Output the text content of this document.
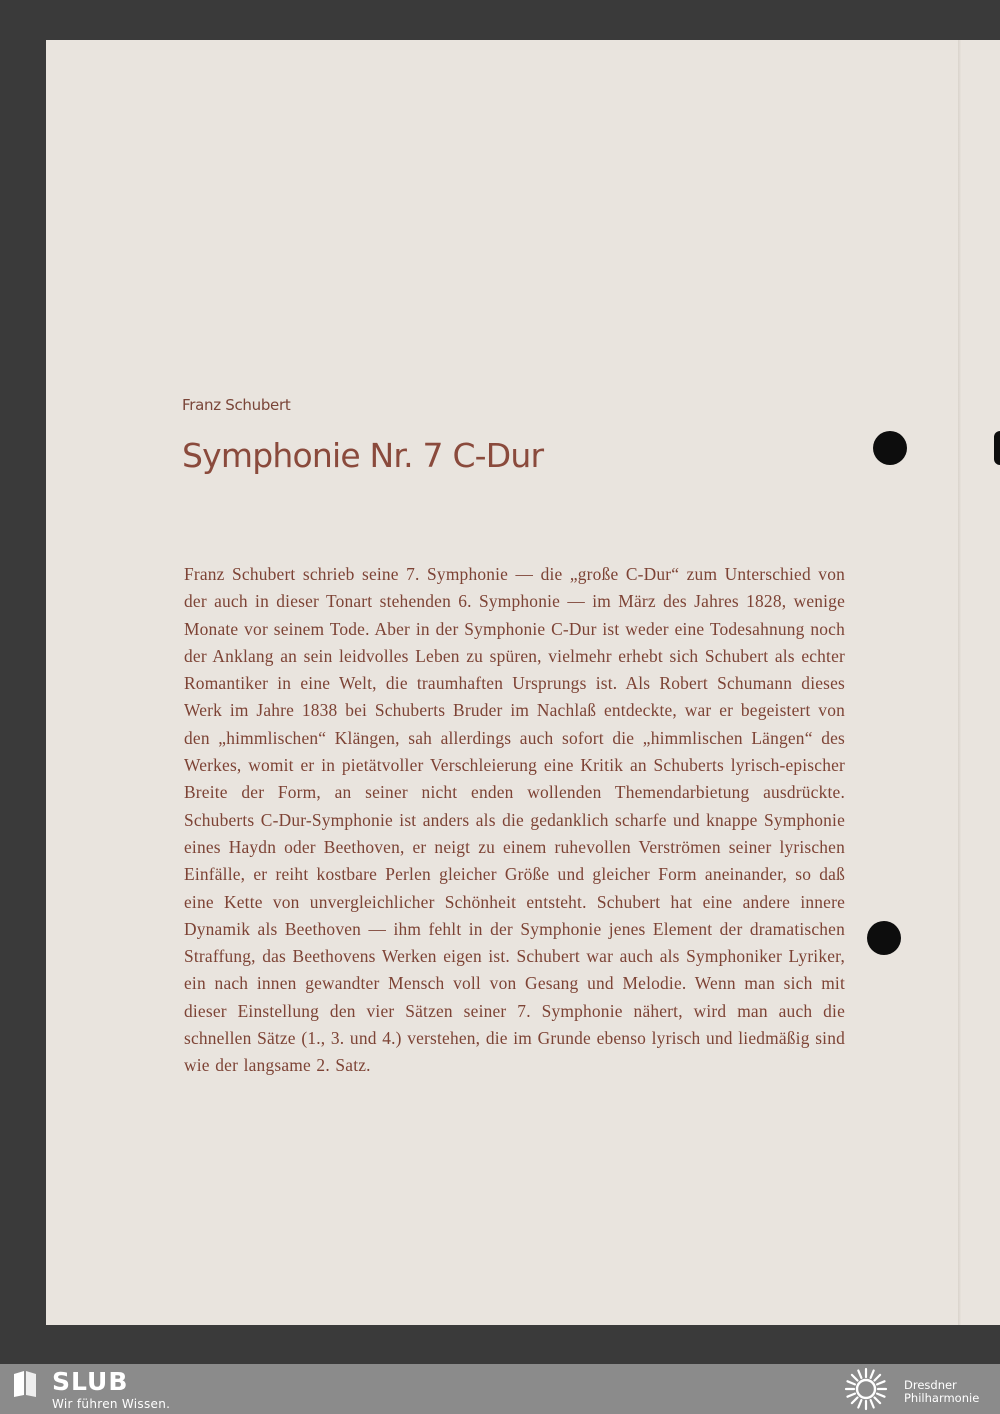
Franz Schubert
Symphonie Nr. 7 C-Dur

Franz Schubert schrieb seine 7. Symphonie — die „große C-Dur“ zum Unterschied von der auch in dieser Tonart stehenden 6. Symphonie — im März des Jahres 1828, wenige Monate vor seinem Tode. Aber in der Symphonie C-Dur ist weder eine Todesahnung noch der Anklang an sein leidvolles Leben zu spüren, vielmehr erhebt sich Schubert als echter Romantiker in eine Welt, die traumhaften Ursprungs ist. Als Robert Schumann dieses Werk im Jahre 1838 bei Schuberts Bruder im Nachlaß entdeckte, war er begeistert von den „himmlischen“ Klängen, sah allerdings auch sofort die „himmlischen Längen“ des Werkes, womit er in pietätvoller Verschleierung eine Kritik an Schuberts lyrisch-epischer Breite der Form, an seiner nicht enden wollenden Themendarbietung ausdrückte. Schuberts C-Dur-Symphonie ist anders als die gedanklich scharfe und knappe Symphonie eines Haydn oder Beethoven, er neigt zu einem ruhevollen Verströmen seiner lyrischen Einfälle, er reiht kostbare Perlen gleicher Größe und gleicher Form aneinander, so daß eine Kette von unvergleichlicher Schönheit entsteht. Schubert hat eine andere innere Dynamik als Beethoven — ihm fehlt in der Symphonie jenes Element der dramatischen Straffung, das Beethovens Werken eigen ist. Schubert war auch als Symphoniker Lyriker, ein nach innen gewandter Mensch voll von Gesang und Melodie. Wenn man sich mit dieser Einstellung den vier Sätzen seiner 7. Symphonie nähert, wird man auch die schnellen Sätze (1., 3. und 4.) verstehen, die im Grunde ebenso lyrisch und liedmäßig sind wie der langsame 2. Satz.

SLUB
Wir führen Wissen.
Dresdner
Philharmonie
